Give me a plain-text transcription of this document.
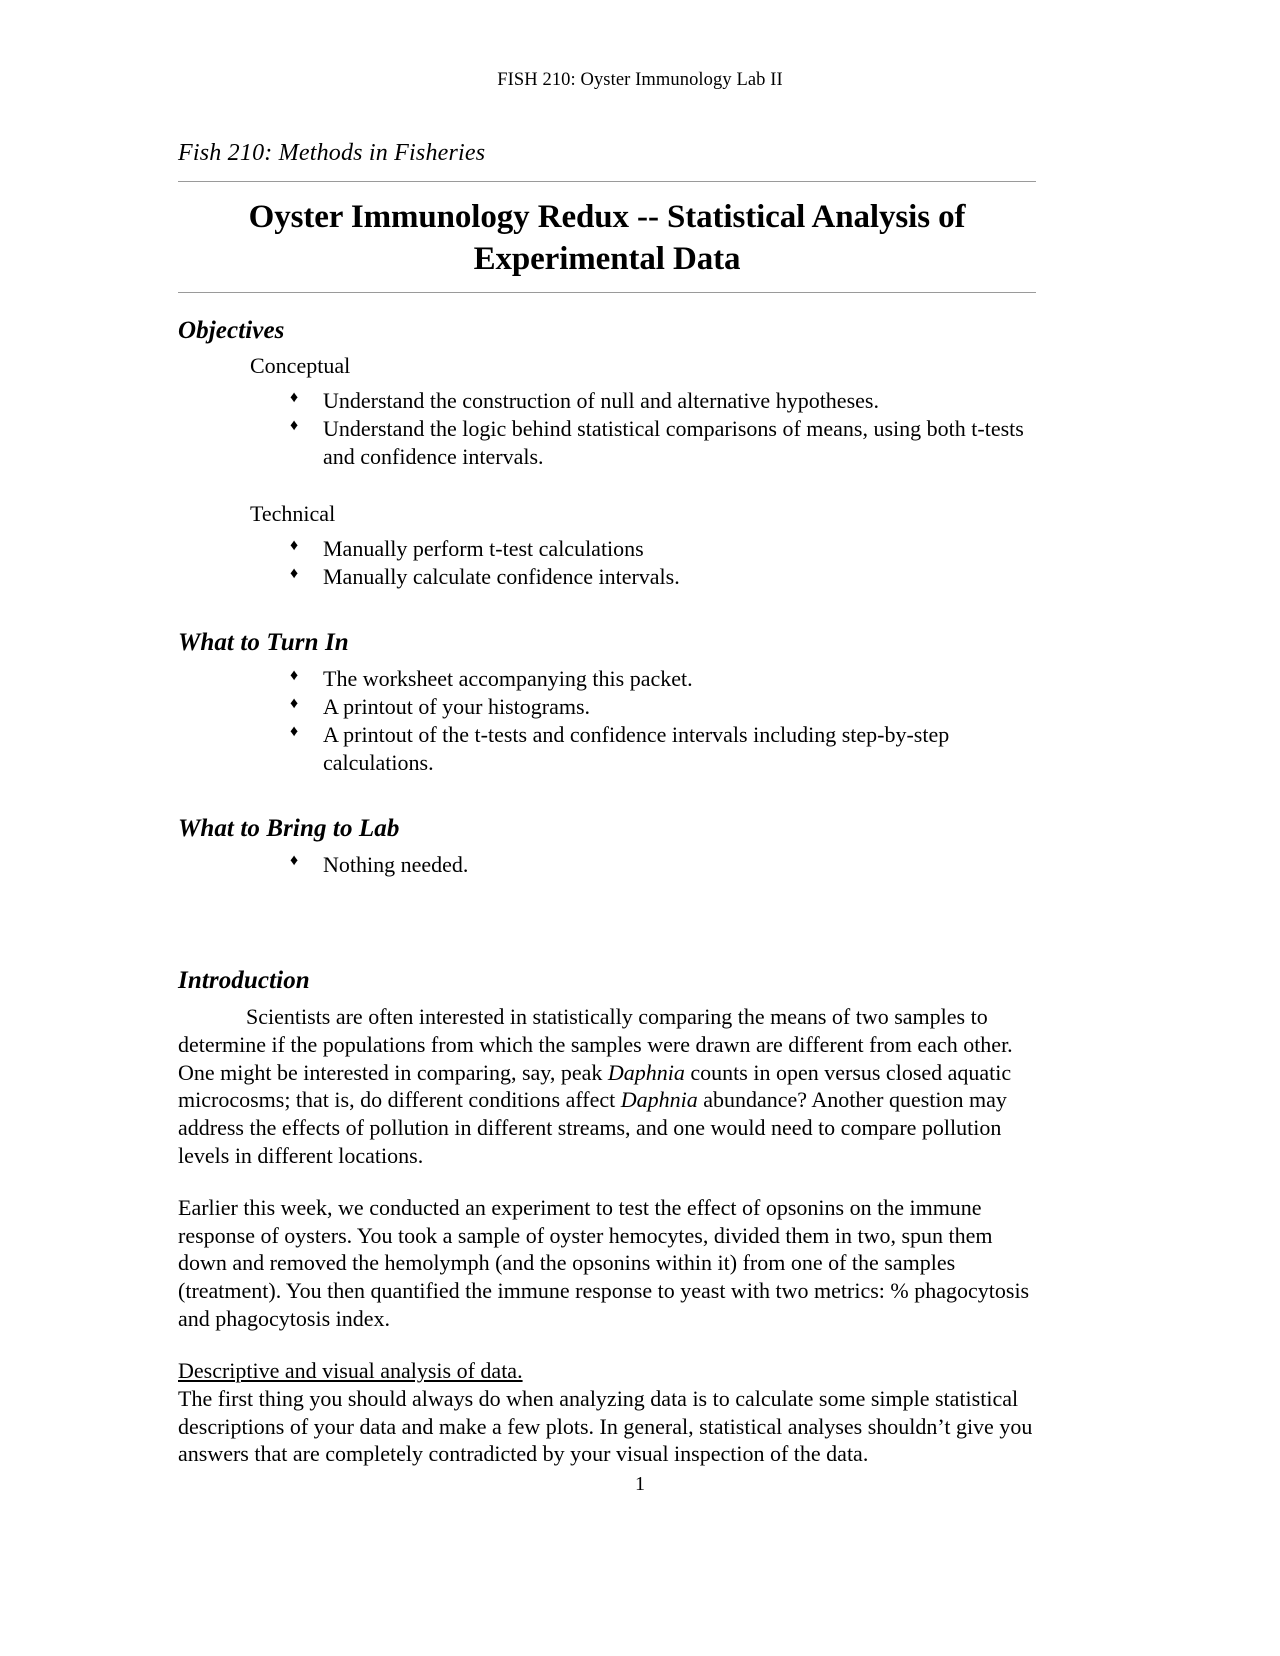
FISH 210: Oyster Immunology Lab II
Fish 210: Methods in Fisheries
Oyster Immunology Redux -- Statistical Analysis of Experimental Data
Objectives
Conceptual
♦ Understand the construction of null and alternative hypotheses.
♦ Understand the logic behind statistical comparisons of means, using both t-tests and confidence intervals.
Technical
♦ Manually perform t-test calculations
♦ Manually calculate confidence intervals.
What to Turn In
♦ The worksheet accompanying this packet.
♦ A printout of your histograms.
♦ A printout of the t-tests and confidence intervals including step-by-step calculations.
What to Bring to Lab
♦ Nothing needed.
Introduction

Scientists are often interested in statistically comparing the means of two samples to determine if the populations from which the samples were drawn are different from each other. One might be interested in comparing, say, peak Daphnia counts in open versus closed aquatic microcosms; that is, do different conditions affect Daphnia abundance? Another question may address the effects of pollution in different streams, and one would need to compare pollution levels in different locations.

Earlier this week, we conducted an experiment to test the effect of opsonins on the immune response of oysters. You took a sample of oyster hemocytes, divided them in two, spun them down and removed the hemolymph (and the opsonins within it) from one of the samples (treatment). You then quantified the immune response to yeast with two metrics: % phagocytosis and phagocytosis index.

Descriptive and visual analysis of data.

The first thing you should always do when analyzing data is to calculate some simple statistical descriptions of your data and make a few plots. In general, statistical analyses shouldn’t give you answers that are completely contradicted by your visual inspection of the data.

1
